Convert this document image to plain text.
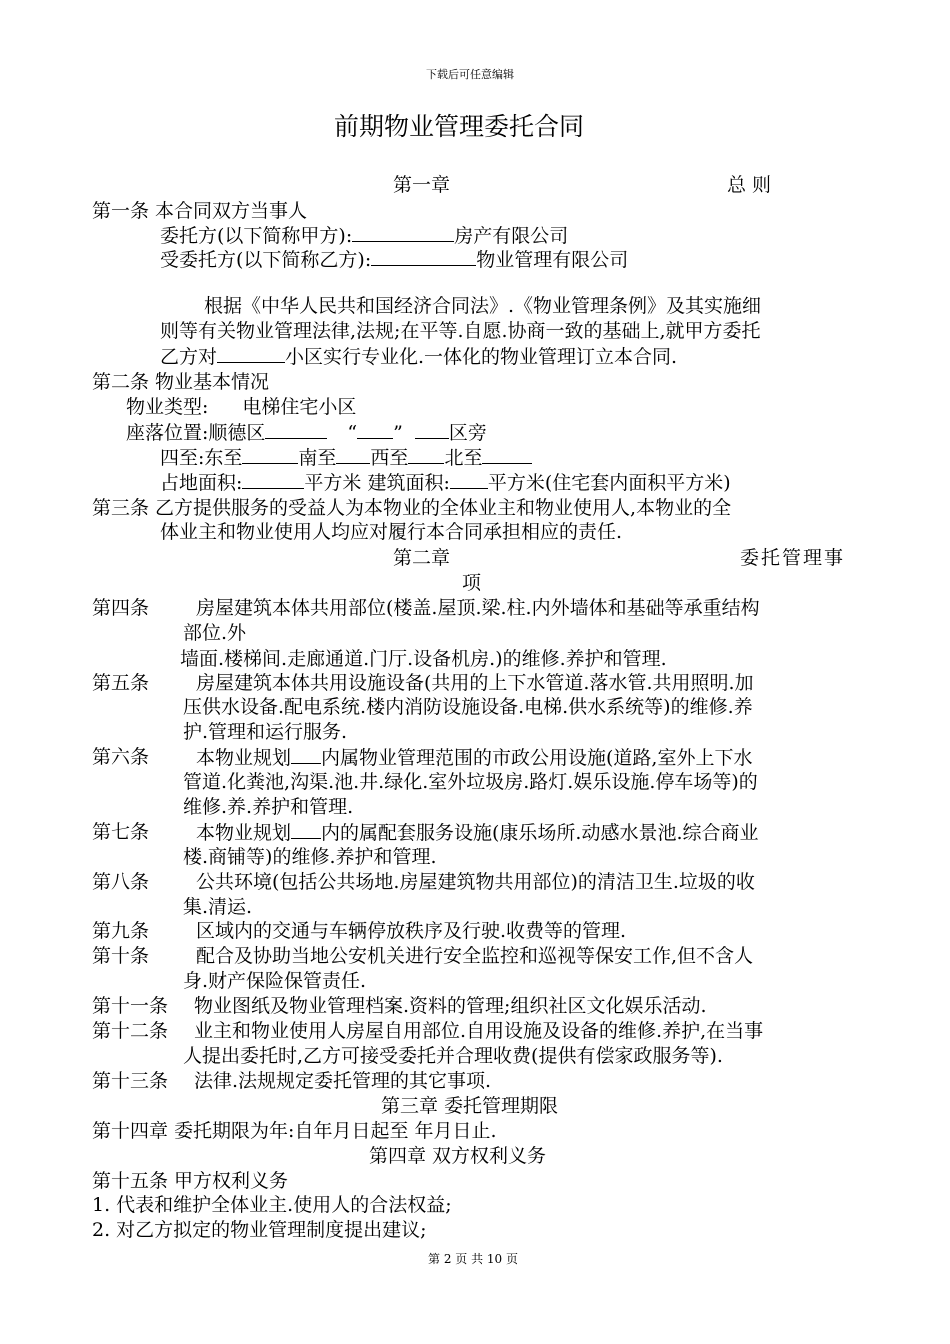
下载后可任意编辑
前期物业管理委托合同
第一章	总 则
第一条 本合同双方当事人
委托方(以下简称甲方):	房产有限公司
受委托方(以下简称乙方):	物业管理有限公司
根据《中华人民共和国经济合同法》.《物业管理条例》及其实施细
则等有关物业管理法律,法规;在平等.自愿.协商一致的基础上,就甲方委托
乙方对	小区实行专业化.一体化的物业管理订立本合同.
第二条 物业基本情况
物业类型: 电梯住宅小区
座落位置:顺德区	“ ” 区旁
四至:东至	南至 西至 北至
占地面积:	平方米 建筑面积: 平方米(住宅套内面积平方米)
第三条 乙方提供服务的受益人为本物业的全体业主和物业使用人,本物业的全
体业主和物业使用人均应对履行本合同承担相应的责任.
第二章	委托管理事
项
第四条 房屋建筑本体共用部位(楼盖.屋顶.梁.柱.内外墙体和基础等承重结构
部位.外
墙面.楼梯间.走廊通道.门厅.设备机房.)的维修.养护和管理.
第五条 房屋建筑本体共用设施设备(共用的上下水管道.落水管.共用照明.加
压供水设备.配电系统.楼内消防设施设备.电梯.供水系统等)的维修.养
护.管理和运行服务.
第六条 本物业规划 内属物业管理范围的市政公用设施(道路,室外上下水
管道.化粪池,沟渠.池.井.绿化.室外垃圾房.路灯.娱乐设施.停车场等)的
维修.养.养护和管理.
第七条 本物业规划 内的属配套服务设施(康乐场所.动感水景池.综合商业
楼.商铺等)的维修.养护和管理.
第八条 公共环境(包括公共场地.房屋建筑物共用部位)的清洁卫生.垃圾的收
集.清运.
第九条 区域内的交通与车辆停放秩序及行驶.收费等的管理.
第十条 配合及协助当地公安机关进行安全监控和巡视等保安工作,但不含人
身.财产保险保管责任.
第十一条 物业图纸及物业管理档案.资料的管理;组织社区文化娱乐活动.
第十二条 业主和物业使用人房屋自用部位.自用设施及设备的维修.养护,在当事
人提出委托时,乙方可接受委托并合理收费(提供有偿家政服务等).
第十三条 法律.法规规定委托管理的其它事项.
第三章 委托管理期限
第十四章 委托期限为年:自年月日起至 年月日止.
第四章 双方权利义务
第十五条 甲方权利义务
1. 代表和维护全体业主.使用人的合法权益;
2. 对乙方拟定的物业管理制度提出建议;
第 2 页 共 10 页
